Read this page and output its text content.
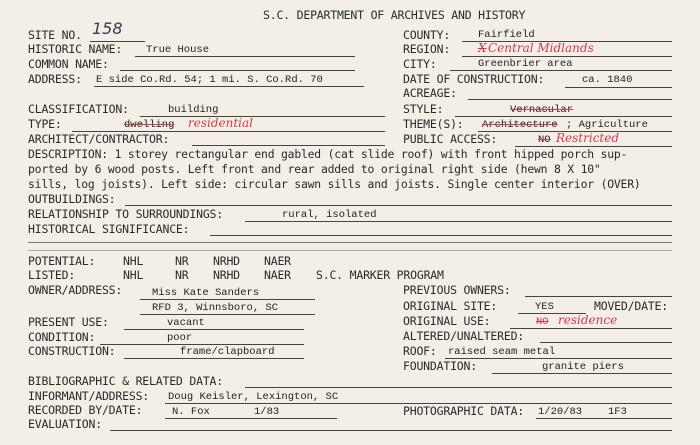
S.C. DEPARTMENT OF ARCHIVES AND HISTORY
SITE NO. 158
HISTORIC NAME: True House
COMMON NAME:
ADDRESS: E side Co.Rd. 54; 1 mi. S. Co.Rd. 70
COUNTY:	Fairfield
REGION: X Central Midlands
CITY:	Greenbrier area
DATE OF CONSTRUCTION:	ca. 1840
ACREAGE:
CLASSIFICATION:	building
TYPE:	dwelling residential
ARCHITECT/CONTRACTOR:
STYLE:	Vernacular
THEME(S): Architecture ; Agriculture
PUBLIC ACCESS:	NO Restricted
DESCRIPTION: 1 storey rectangular end gabled (cat slide roof) with front hipped porch sup-
ported by 6 wood posts. Left front and rear added to original right side (hewn 8 X 10"
sills, log joists). Left side: circular sawn sills and joists. Single center interior (OVER)
OUTBUILDINGS:
RELATIONSHIP TO SURROUNDINGS:	rural, isolated
HISTORICAL SIGNIFICANCE:
POTENTIAL: NHL	NR NRHD NAER
LISTED:	NHL	NR NRHD NAER S.C. MARKER PROGRAM
OWNER/ADDRESS:	Miss Kate Sanders
RFD 3, Winnsboro, SC
PREVIOUS OWNERS:
ORIGINAL SITE:	YES	MOVED/DATE:
ORIGINAL USE:	NO residence
ALTERED/UNALTERED:
ROOF: raised seam metal
FOUNDATION:	granite piers
PRESENT USE:	vacant
CONDITION:	poor
CONSTRUCTION:	frame/clapboard
BIBLIOGRAPHIC & RELATED DATA:
INFORMANT/ADDRESS: Doug Keisler, Lexington, SC
RECORDED BY/DATE:	N. Fox	1/83	PHOTOGRAPHIC DATA: 1/20/83 1F3
EVALUATION:
